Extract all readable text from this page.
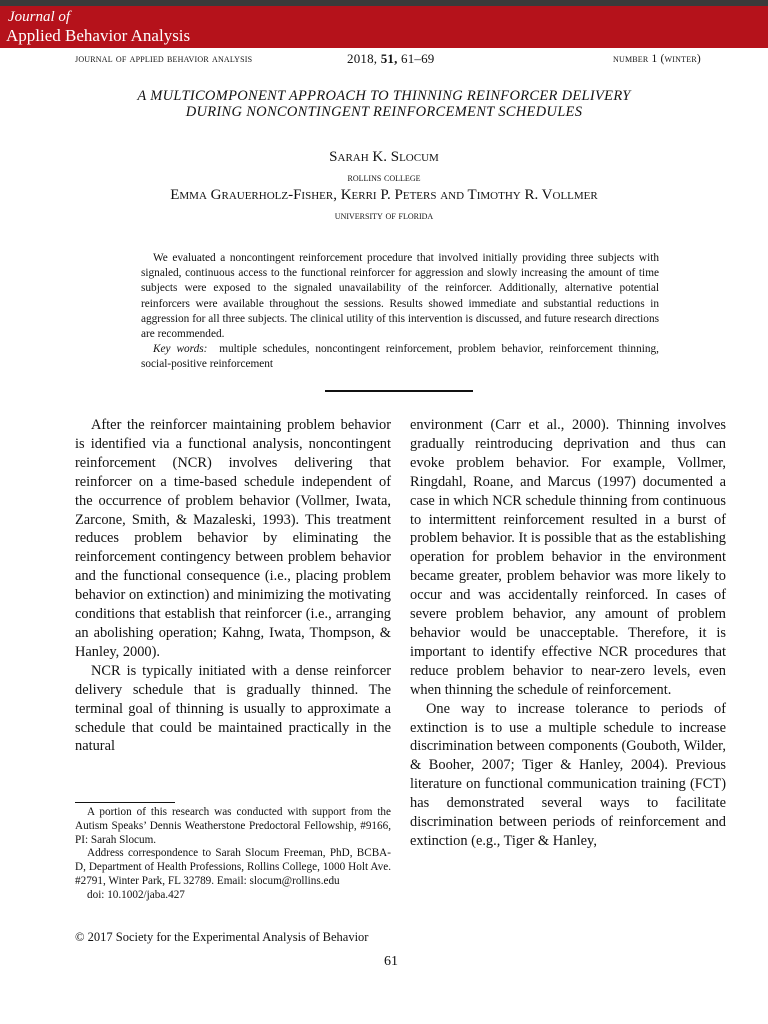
Journal of
Applied Behavior Analysis
journal of applied behavior analysis	2018, 51, 61–69	number 1 (winter)
A MULTICOMPONENT APPROACH TO THINNING REINFORCER DELIVERY DURING NONCONTINGENT REINFORCEMENT SCHEDULES
Sarah K. Slocum
rollins college
Emma Grauerholz-Fisher, Kerri P. Peters and Timothy R. Vollmer
university of florida

We evaluated a noncontingent reinforcement procedure that involved initially providing three subjects with signaled, continuous access to the functional reinforcer for aggression and slowly increasing the amount of time subjects were exposed to the signaled unavailability of the reinforcer. Additionally, alternative potential reinforcers were available throughout the sessions. Results showed immediate and substantial reductions in aggression for all three subjects. The clinical utility of this intervention is discussed, and future research directions are recommended.

Key words: multiple schedules, noncontingent reinforcement, problem behavior, reinforcement thinning, social-positive reinforcement

After the reinforcer maintaining problem behavior is identified via a functional analysis, noncontingent reinforcement (NCR) involves delivering that reinforcer on a time-based schedule independent of the occurrence of problem behavior (Vollmer, Iwata, Zarcone, Smith, & Mazaleski, 1993). This treatment reduces problem behavior by eliminating the reinforcement contingency between problem behavior and the functional consequence (i.e., placing problem behavior on extinction) and minimizing the motivating conditions that establish that reinforcer (i.e., arranging an abolishing operation; Kahng, Iwata, Thompson, & Hanley, 2000).

NCR is typically initiated with a dense reinforcer delivery schedule that is gradually thinned. The terminal goal of thinning is usually to approximate a schedule that could be maintained practically in the natural

environment (Carr et al., 2000). Thinning involves gradually reintroducing deprivation and thus can evoke problem behavior. For example, Vollmer, Ringdahl, Roane, and Marcus (1997) documented a case in which NCR schedule thinning from continuous to intermittent reinforcement resulted in a burst of problem behavior. It is possible that as the establishing operation for problem behavior in the environment became greater, problem behavior was more likely to occur and was accidentally reinforced. In cases of severe problem behavior, any amount of problem behavior would be unacceptable. Therefore, it is important to identify effective NCR procedures that reduce problem behavior to near-zero levels, even when thinning the schedule of reinforcement.

One way to increase tolerance to periods of extinction is to use a multiple schedule to increase discrimination between components (Gouboth, Wilder, & Booher, 2007; Tiger & Hanley, 2004). Previous literature on functional communication training (FCT) has demonstrated several ways to facilitate discrimination between periods of reinforcement and extinction (e.g., Tiger & Hanley,

A portion of this research was conducted with support from the Autism Speaks’ Dennis Weatherstone Predoctoral Fellowship, #9166, PI: Sarah Slocum.

Address correspondence to Sarah Slocum Freeman, PhD, BCBA-D, Department of Health Professions, Rollins College, 1000 Holt Ave. #2791, Winter Park, FL 32789. Email: slocum@rollins.edu

doi: 10.1002/jaba.427

© 2017 Society for the Experimental Analysis of Behavior
61
